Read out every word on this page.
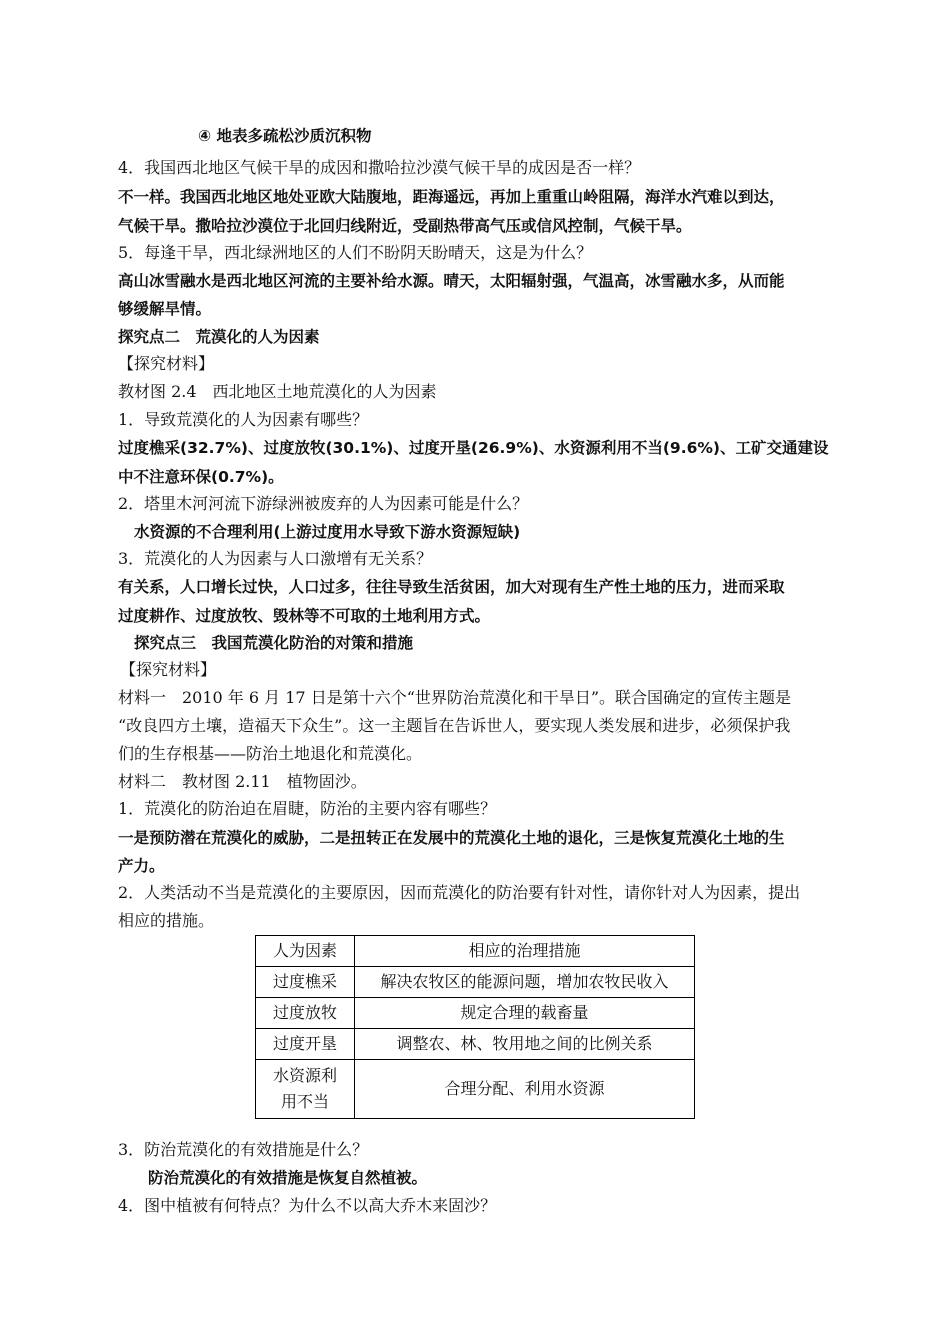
④ 地表多疏松沙质沉积物
4．我国西北地区气候干旱的成因和撒哈拉沙漠气候干旱的成因是否一样？
不一样。我国西北地区地处亚欧大陆腹地，距海遥远，再加上重重山岭阻隔，海洋水汽难以到达，
气候干旱。撒哈拉沙漠位于北回归线附近，受副热带高气压或信风控制，气候干旱。
5．每逢干旱，西北绿洲地区的人们不盼阴天盼晴天，这是为什么？
高山冰雪融水是西北地区河流的主要补给水源。晴天，太阳辐射强，气温高，冰雪融水多，从而能
够缓解旱情。
探究点二　荒漠化的人为因素
【探究材料】
教材图 2.4　西北地区土地荒漠化的人为因素
1．导致荒漠化的人为因素有哪些？
过度樵采(32.7%)、过度放牧(30.1%)、过度开垦(26.9%)、水资源利用不当(9.6%)、工矿交通建设
中不注意环保(0.7%)。
2．塔里木河河流下游绿洲被废弃的人为因素可能是什么？
水资源的不合理利用(上游过度用水导致下游水资源短缺)
3．荒漠化的人为因素与人口激增有无关系？
有关系，人口增长过快，人口过多，往往导致生活贫困，加大对现有生产性土地的压力，进而采取
过度耕作、过度放牧、毁林等不可取的土地利用方式。
探究点三　我国荒漠化防治的对策和措施
【探究材料】
材料一　2010 年 6 月 17 日是第十六个“世界防治荒漠化和干旱日”。联合国确定的宣传主题是
“改良四方土壤，造福天下众生”。这一主题旨在告诉世人，要实现人类发展和进步，必须保护我
们的生存根基——防治土地退化和荒漠化。
材料二　教材图 2.11　植物固沙。
1．荒漠化的防治迫在眉睫，防治的主要内容有哪些？
一是预防潜在荒漠化的威胁，二是扭转正在发展中的荒漠化土地的退化，三是恢复荒漠化土地的生
产力。
2．人类活动不当是荒漠化的主要原因，因而荒漠化的防治要有针对性，请你针对人为因素，提出
相应的措施。
人为因素	相应的治理措施
过度樵采	解决农牧区的能源问题，增加农牧民收入
过度放牧	规定合理的载畜量
过度开垦	调整农、林、牧用地之间的比例关系

水资源利
用不当	合理分配、利用水资源
3．防治荒漠化的有效措施是什么？
防治荒漠化的有效措施是恢复自然植被。
4．图中植被有何特点？为什么不以高大乔木来固沙？
